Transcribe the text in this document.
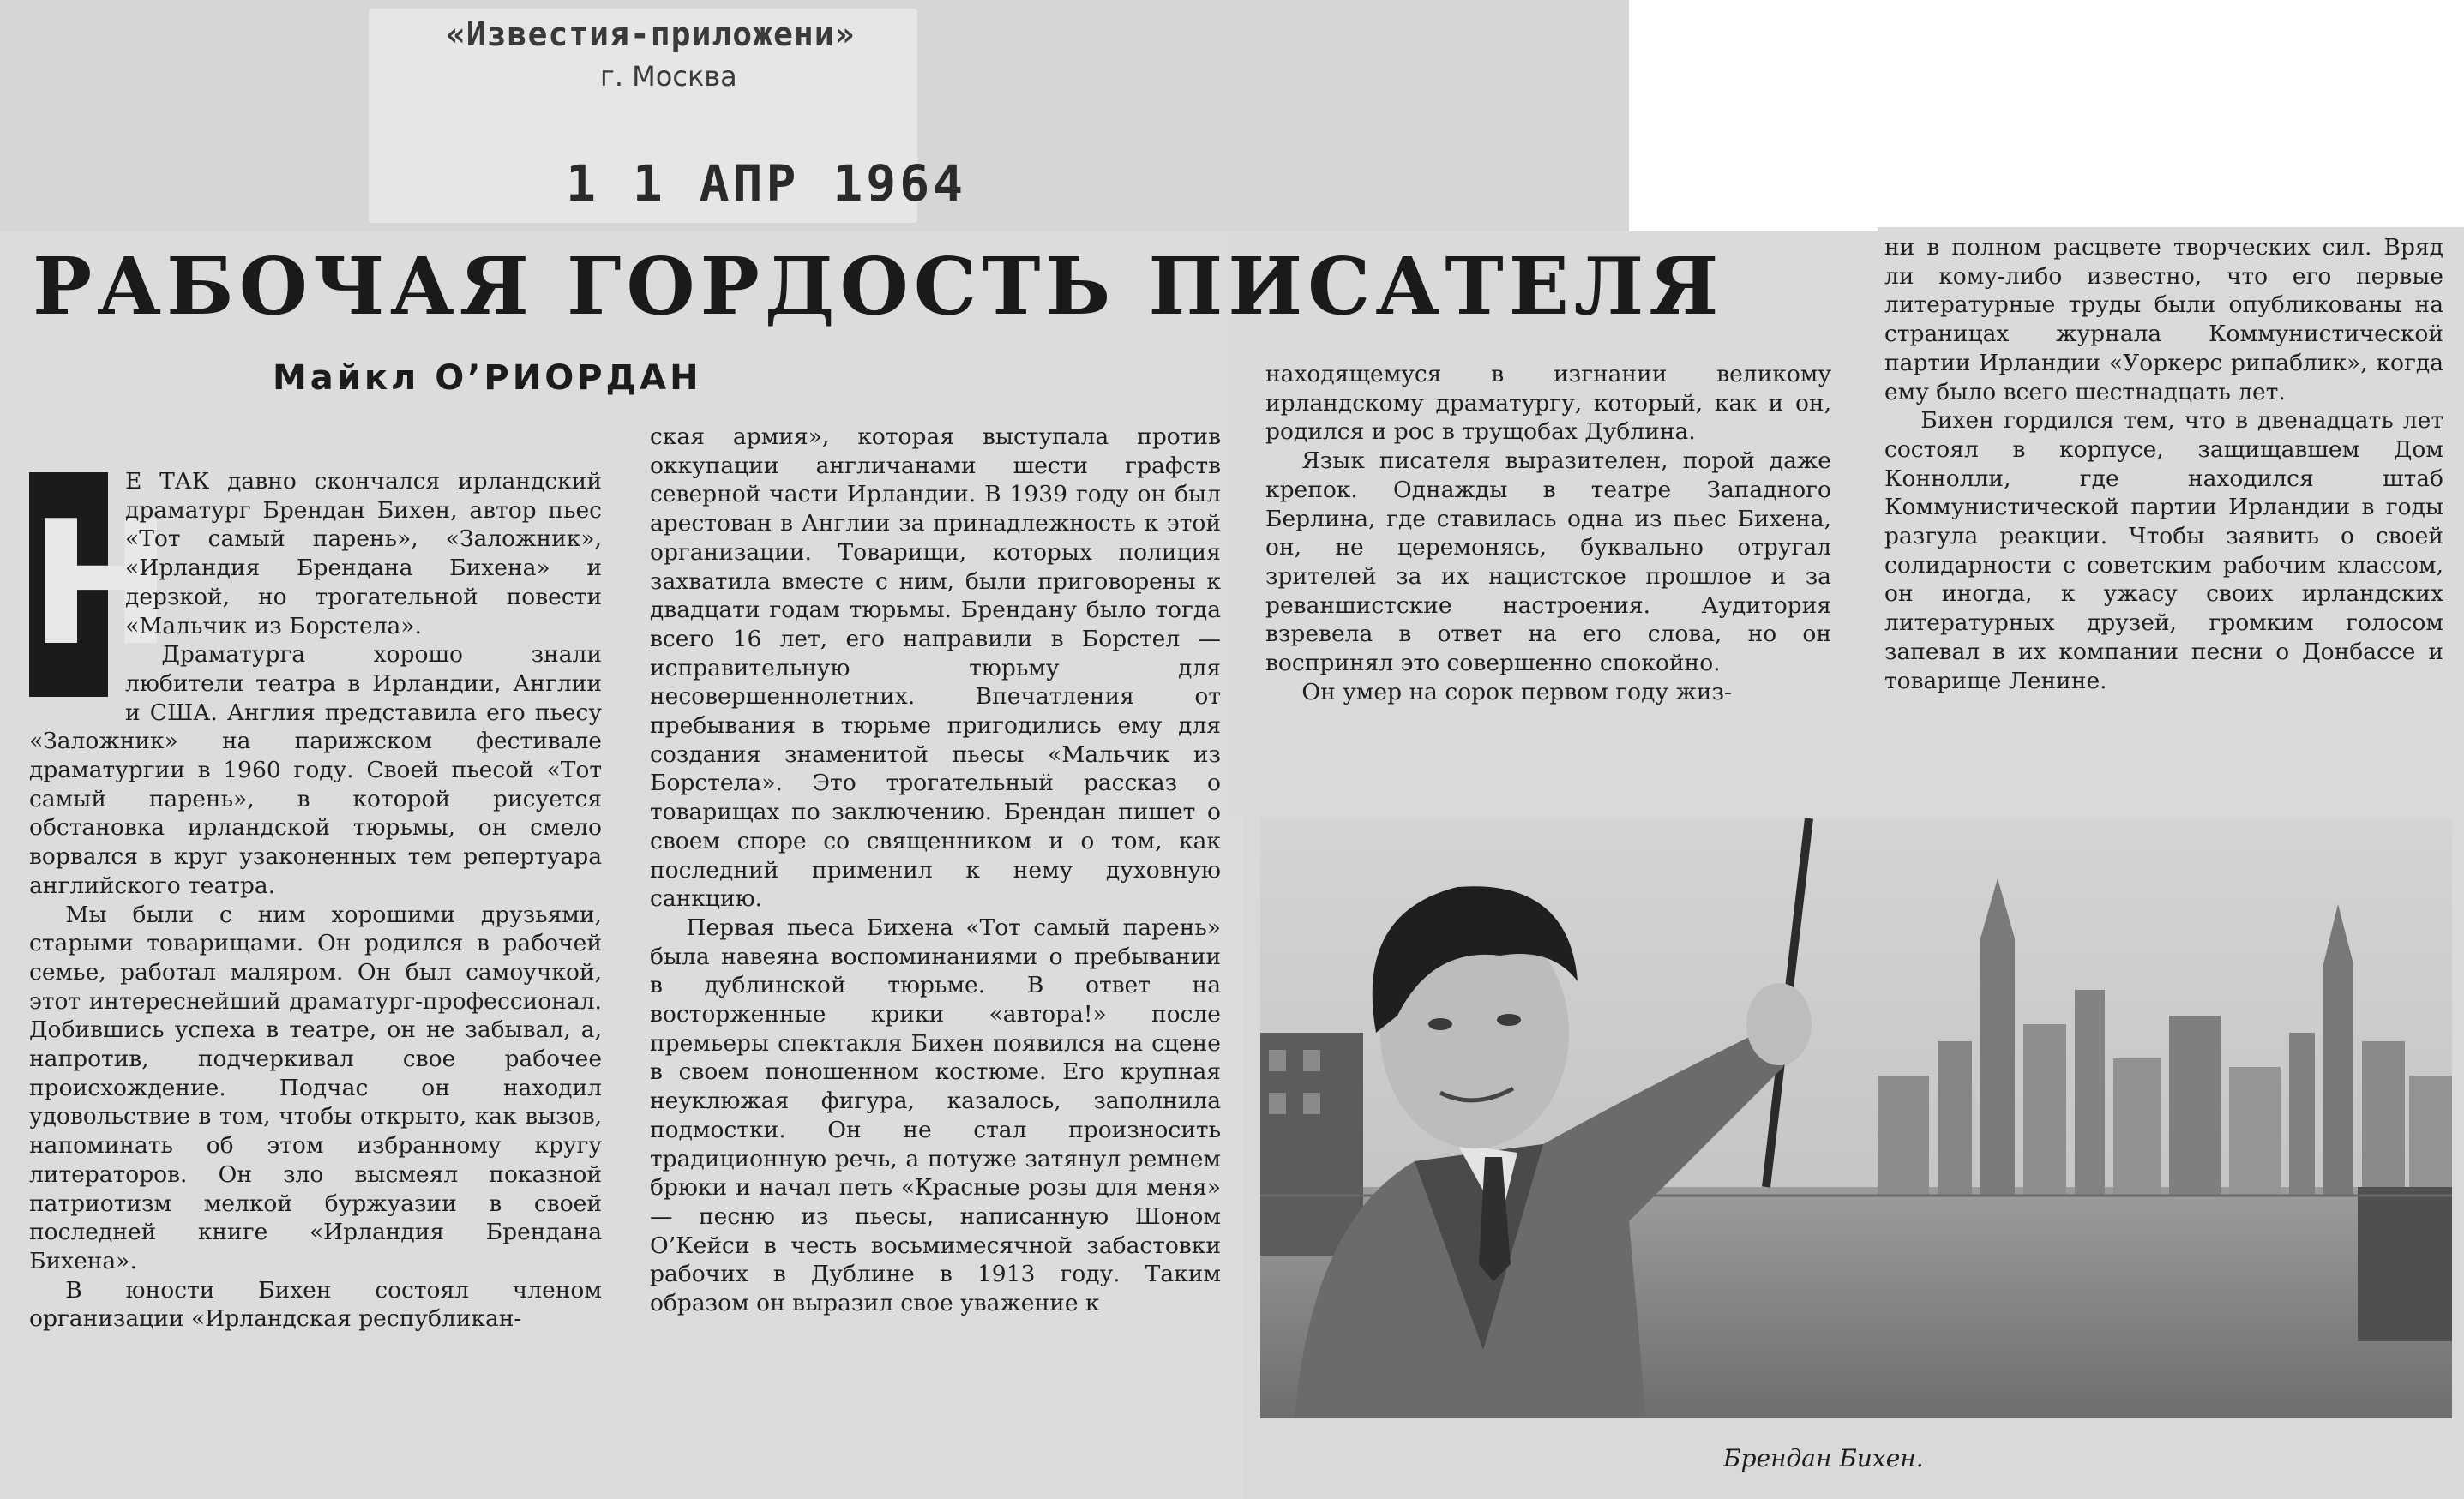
«Известия-приложени»
г. Москва
1 1 АПР 1964
РАБОЧАЯ ГОРДОСТЬ ПИСАТЕЛЯ
Майкл О’РИОРДАН

Н
Е ТАК давно скончался ирландский драматург Брендан Бихен, автор пьес «Тот самый парень», «Заложник», «Ирландия Брендана Бихена» и дерзкой, но трогательной повести «Мальчик из Борстела».

Драматурга хорошо знали любители театра в Ирландии, Англии и США. Англия представила его пьесу «Заложник» на парижском фестивале драматургии в 1960 году. Своей пьесой «Тот самый парень», в которой рисуется обстановка ирландской тюрьмы, он смело ворвался в круг узаконенных тем репертуара английского театра.

Мы были с ним хорошими друзьями, старыми товарищами. Он родился в рабочей семье, работал маляром. Он был самоучкой, этот интереснейший драматург-профессионал. Добившись успеха в театре, он не забывал, а, напротив, подчеркивал свое рабочее происхождение. Подчас он находил удовольствие в том, чтобы открыто, как вызов, напоминать об этом избранному кругу литераторов. Он зло высмеял показной патриотизм мелкой буржуазии в своей последней книге «Ирландия Брендана Бихена».

В юности Бихен состоял членом организации «Ирландская республикан-

ская армия», которая выступала против оккупации англичанами шести графств северной части Ирландии. В 1939 году он был арестован в Англии за принадлежность к этой организации. Товарищи, которых полиция захватила вместе с ним, были приговорены к двадцати годам тюрьмы. Брендану было тогда всего 16 лет, его направили в Борстел — исправительную тюрьму для несовершеннолетних. Впечатления от пребывания в тюрьме пригодились ему для создания знаменитой пьесы «Мальчик из Борстела». Это трогательный рассказ о товарищах по заключению. Брендан пишет о своем споре со священником и о том, как последний применил к нему духовную санкцию.

Первая пьеса Бихена «Тот самый парень» была навеяна воспоминаниями о пребывании в дублинской тюрьме. В ответ на восторженные крики «автора!» после премьеры спектакля Бихен появился на сцене в своем поношенном костюме. Его крупная неуклюжая фигура, казалось, заполнила подмостки. Он не стал произносить традиционную речь, а потуже затянул ремнем брюки и начал петь «Красные розы для меня» — песню из пьесы, написанную Шоном О’Кейси в честь восьмимесячной забастовки рабочих в Дублине в 1913 году. Таким образом он выразил свое уважение к

находящемуся в изгнании великому ирландскому драматургу, который, как и он, родился и рос в трущобах Дублина.

Язык писателя выразителен, порой даже крепок. Однажды в театре Западного Берлина, где ставилась одна из пьес Бихена, он, не церемонясь, буквально отругал зрителей за их нацистское прошлое и за реваншистские настроения. Аудитория взревела в ответ на его слова, но он воспринял это совершенно спокойно.

Он умер на сорок первом году жиз-

ни в полном расцвете творческих сил. Вряд ли кому-либо известно, что его первые литературные труды были опубликованы на страницах журнала Коммунистической партии Ирландии «Уоркерс рипаблик», когда ему было всего шестнадцать лет.

Бихен гордился тем, что в двенадцать лет состоял в корпусе, защищавшем Дом Коннолли, где находился штаб Коммунистической партии Ирландии в годы разгула реакции. Чтобы заявить о своей солидарности с советским рабочим классом, он иногда, к ужасу своих ирландских литературных друзей, громким голосом запевал в их компании песни о Донбассе и товарище Ленине.

Брендан Бихен.
